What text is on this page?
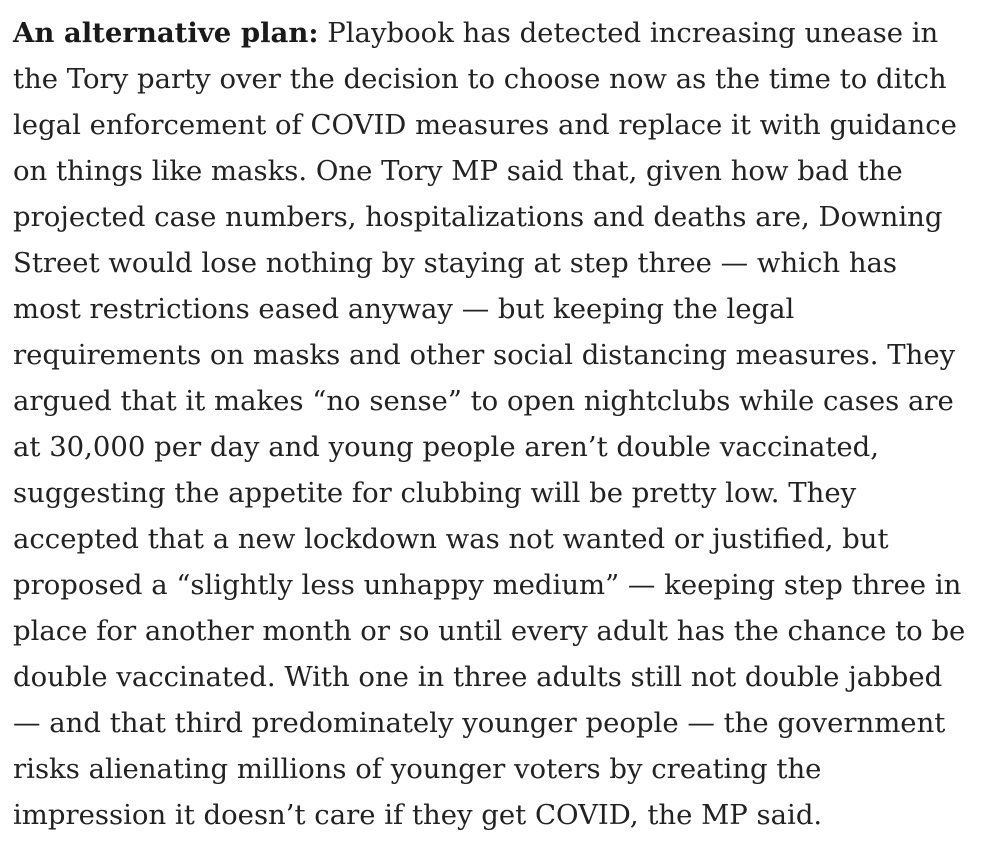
An alternative plan: Playbook has detected increasing unease in
the Tory party over the decision to choose now as the time to ditch
legal enforcement of COVID measures and replace it with guidance
on things like masks. One Tory MP said that, given how bad the
projected case numbers, hospitalizations and deaths are, Downing
Street would lose nothing by staying at step three — which has
most restrictions eased anyway — but keeping the legal
requirements on masks and other social distancing measures. They
argued that it makes “no sense” to open nightclubs while cases are
at 30,000 per day and young people aren’t double vaccinated,
suggesting the appetite for clubbing will be pretty low. They
accepted that a new lockdown was not wanted or justified, but
proposed a “slightly less unhappy medium” — keeping step three in
place for another month or so until every adult has the chance to be
double vaccinated. With one in three adults still not double jabbed
— and that third predominately younger people — the government
risks alienating millions of younger voters by creating the
impression it doesn’t care if they get COVID, the MP said.
